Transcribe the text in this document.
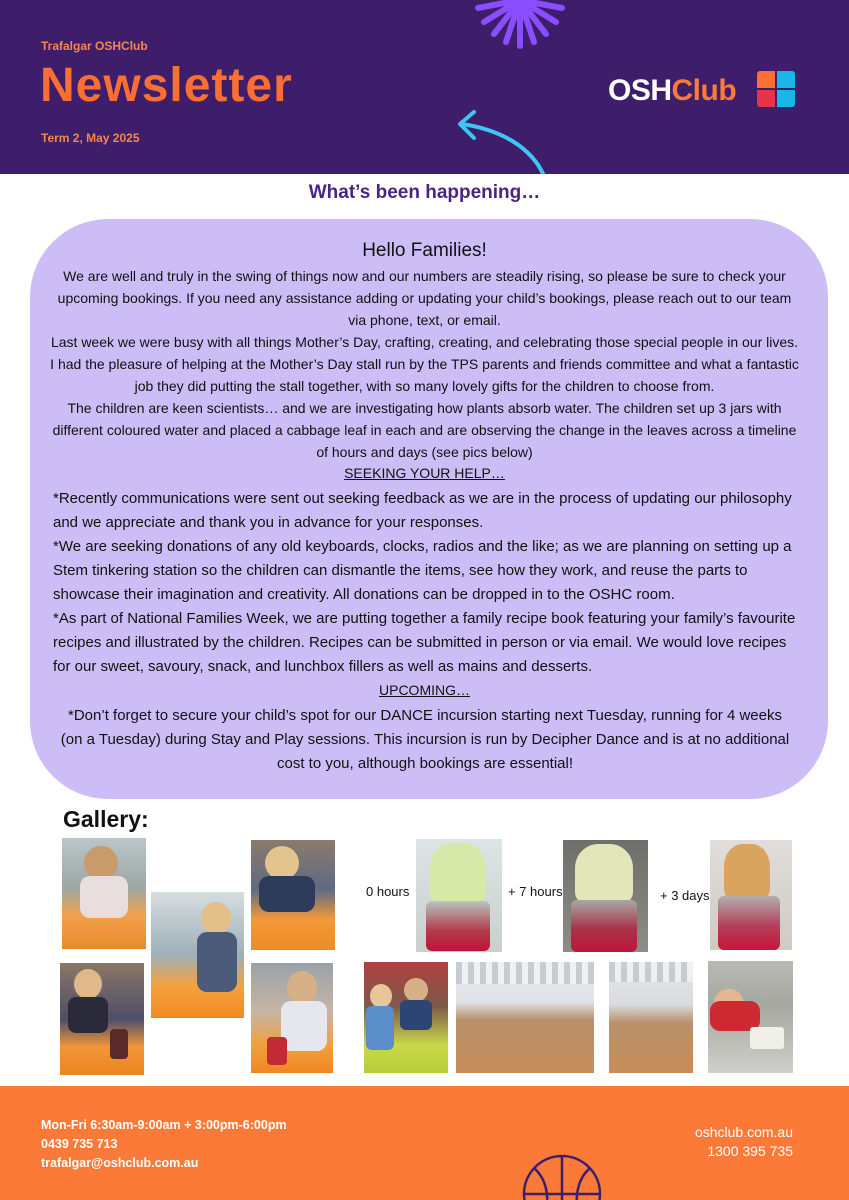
Trafalgar OSHClub
Newsletter
Term 2, May 2025
OSHClub
What’s been happening…
Hello Families!

We are well and truly in the swing of things now and our numbers are steadily rising, so please be sure to check your upcoming bookings. If you need any assistance adding or updating your child’s bookings, please reach out to our team via phone, text, or email.

Last week we were busy with all things Mother’s Day, crafting, creating, and celebrating those special people in our lives. I had the pleasure of helping at the Mother’s Day stall run by the TPS parents and friends committee and what a fantastic job they did putting the stall together, with so many lovely gifts for the children to choose from.

The children are keen scientists… and we are investigating how plants absorb water. The children set up 3 jars with different coloured water and placed a cabbage leaf in each and are observing the change in the leaves across a timeline of hours and days (see pics below)

SEEKING YOUR HELP…

*Recently communications were sent out seeking feedback as we are in the process of updating our philosophy and we appreciate and thank you in advance for your responses.

*We are seeking donations of any old keyboards, clocks, radios and the like; as we are planning on setting up a Stem tinkering station so the children can dismantle the items, see how they work, and reuse the parts to showcase their imagination and creativity. All donations can be dropped in to the OSHC room.

*As part of National Families Week, we are putting together a family recipe book featuring your family’s favourite recipes and illustrated by the children. Recipes can be submitted in person or via email. We would love recipes for our sweet, savoury, snack, and lunchbox fillers as well as mains and desserts.

UPCOMING…
*Don’t forget to secure your child’s spot for our DANCE incursion starting next Tuesday, running for 4 weeks (on a Tuesday) during Stay and Play sessions. This incursion is run by Decipher Dance and is at no additional cost to you, although bookings are essential!
Gallery:
0 hours	+ 7 hours	+ 3 days
Mon-Fri 6:30am-9:00am + 3:00pm-6:00pm
0439 735 713
trafalgar@oshclub.com.au
oshclub.com.au
1300 395 735
